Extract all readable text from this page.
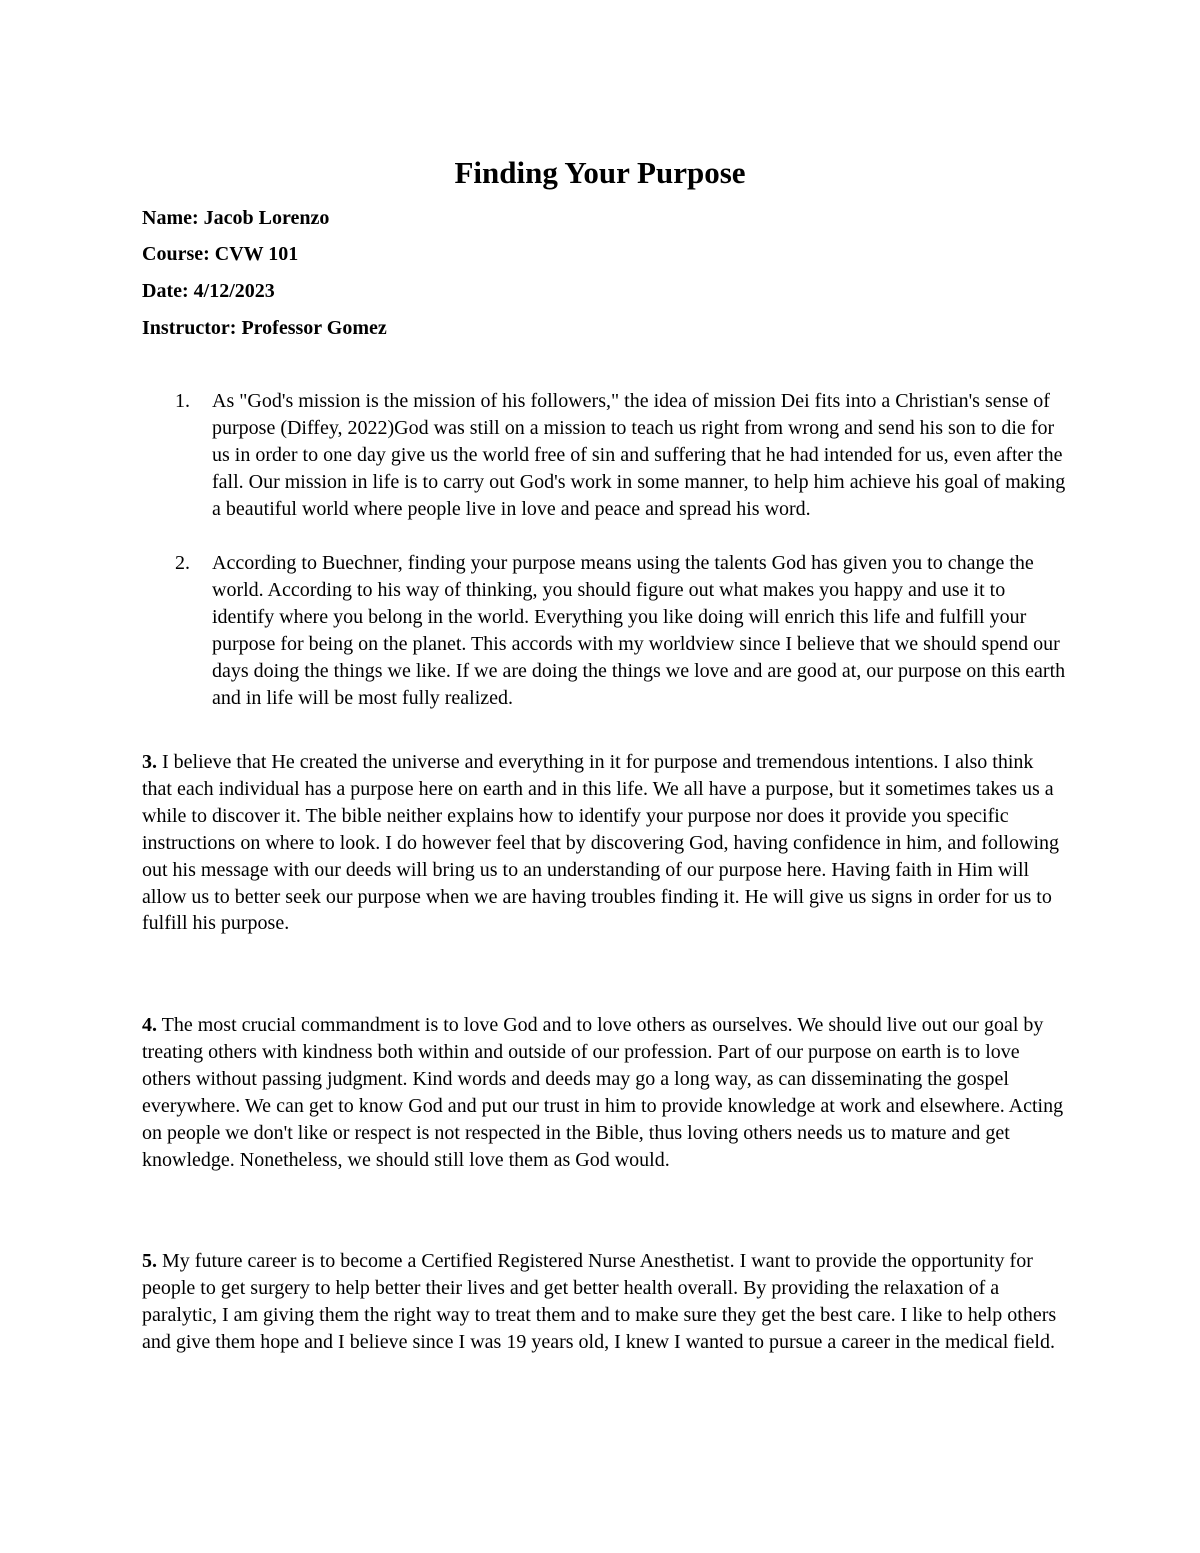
Finding Your Purpose
Name: Jacob Lorenzo
Course: CVW 101
Date: 4/12/2023
Instructor: Professor Gomez
1. As "God's mission is the mission of his followers," the idea of mission Dei fits into a Christian's sense of purpose (Diffey, 2022)God was still on a mission to teach us right from wrong and send his son to die for us in order to one day give us the world free of sin and suffering that he had intended for us, even after the fall. Our mission in life is to carry out God's work in some manner, to help him achieve his goal of making a beautiful world where people live in love and peace and spread his word.
2. According to Buechner, finding your purpose means using the talents God has given you to change the world. According to his way of thinking, you should figure out what makes you happy and use it to identify where you belong in the world. Everything you like doing will enrich this life and fulfill your purpose for being on the planet. This accords with my worldview since I believe that we should spend our days doing the things we like. If we are doing the things we love and are good at, our purpose on this earth and in life will be most fully realized.

3. I believe that He created the universe and everything in it for purpose and tremendous intentions. I also think that each individual has a purpose here on earth and in this life. We all have a purpose, but it sometimes takes us a while to discover it. The bible neither explains how to identify your purpose nor does it provide you specific instructions on where to look. I do however feel that by discovering God, having confidence in him, and following out his message with our deeds will bring us to an understanding of our purpose here. Having faith in Him will allow us to better seek our purpose when we are having troubles finding it. He will give us signs in order for us to fulfill his purpose.

4. The most crucial commandment is to love God and to love others as ourselves. We should live out our goal by treating others with kindness both within and outside of our profession. Part of our purpose on earth is to love others without passing judgment. Kind words and deeds may go a long way, as can disseminating the gospel everywhere. We can get to know God and put our trust in him to provide knowledge at work and elsewhere. Acting on people we don't like or respect is not respected in the Bible, thus loving others needs us to mature and get knowledge. Nonetheless, we should still love them as God would.

5. My future career is to become a Certified Registered Nurse Anesthetist. I want to provide the opportunity for people to get surgery to help better their lives and get better health overall. By providing the relaxation of a paralytic, I am giving them the right way to treat them and to make sure they get the best care. I like to help others and give them hope and I believe since I was 19 years old, I knew I wanted to pursue a career in the medical field.
